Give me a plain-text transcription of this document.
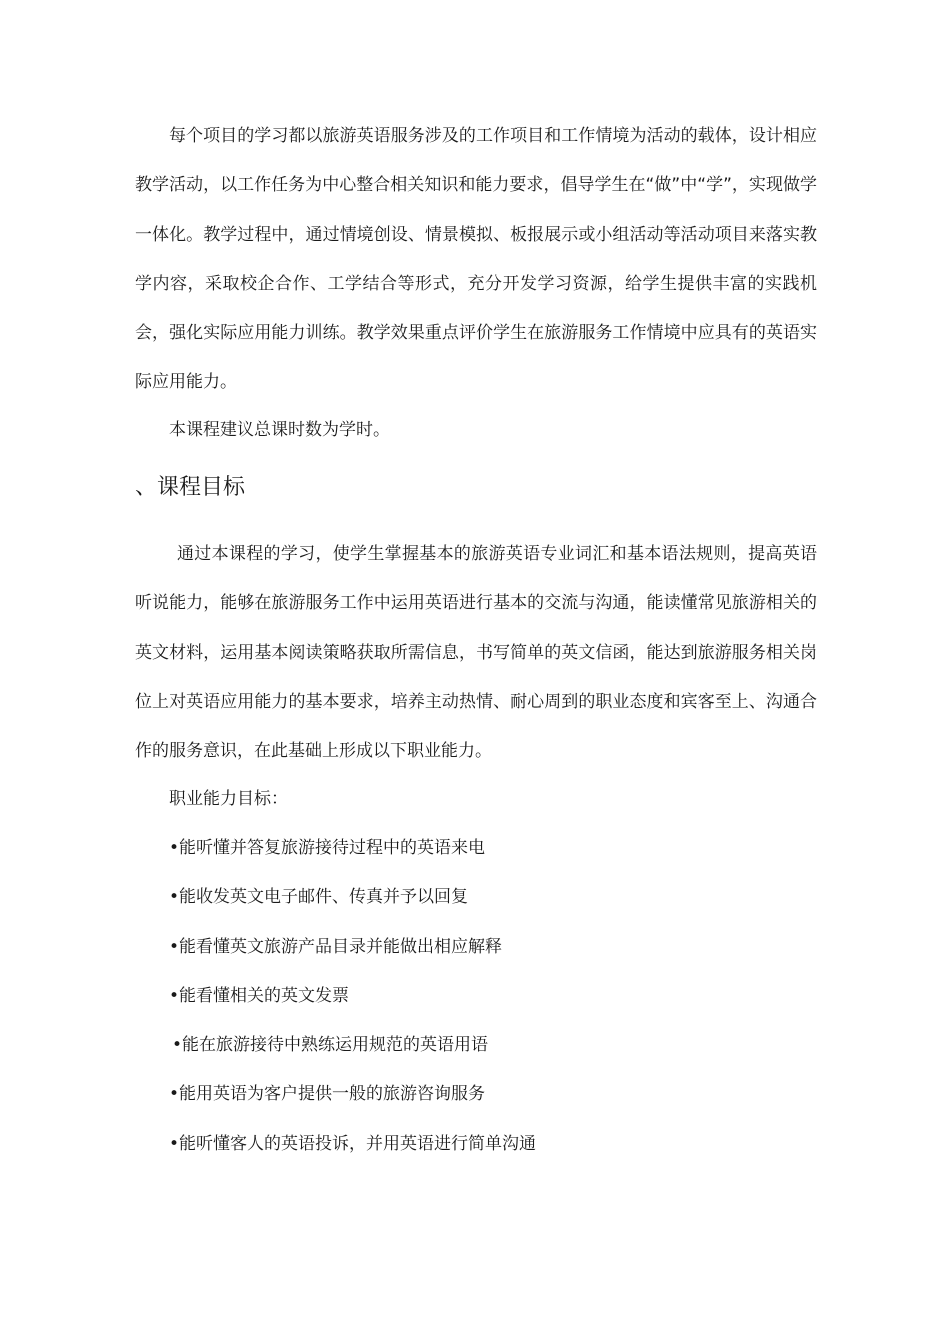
每个项目的学习都以旅游英语服务涉及的工作项目和工作情境为活动的载体，设计相应教学活动，以工作任务为中心整合相关知识和能力要求，倡导学生在“做”中“学”，实现做学一体化。教学过程中，通过情境创设、情景模拟、板报展示或小组活动等活动项目来落实教学内容，采取校企合作、工学结合等形式，充分开发学习资源，给学生提供丰富的实践机会，强化实际应用能力训练。教学效果重点评价学生在旅游服务工作情境中应具有的英语实际应用能力。

本课程建议总课时数为学时。

、课程目标

通过本课程的学习，使学生掌握基本的旅游英语专业词汇和基本语法规则，提高英语听说能力，能够在旅游服务工作中运用英语进行基本的交流与沟通，能读懂常见旅游相关的英文材料，运用基本阅读策略获取所需信息，书写简单的英文信函，能达到旅游服务相关岗位上对英语应用能力的基本要求，培养主动热情、耐心周到的职业态度和宾客至上、沟通合作的服务意识，在此基础上形成以下职业能力。

职业能力目标：

•能听懂并答复旅游接待过程中的英语来电
•能收发英文电子邮件、传真并予以回复
•能看懂英文旅游产品目录并能做出相应解释
•能看懂相关的英文发票
•能在旅游接待中熟练运用规范的英语用语
•能用英语为客户提供一般的旅游咨询服务
•能听懂客人的英语投诉，并用英语进行简单沟通
